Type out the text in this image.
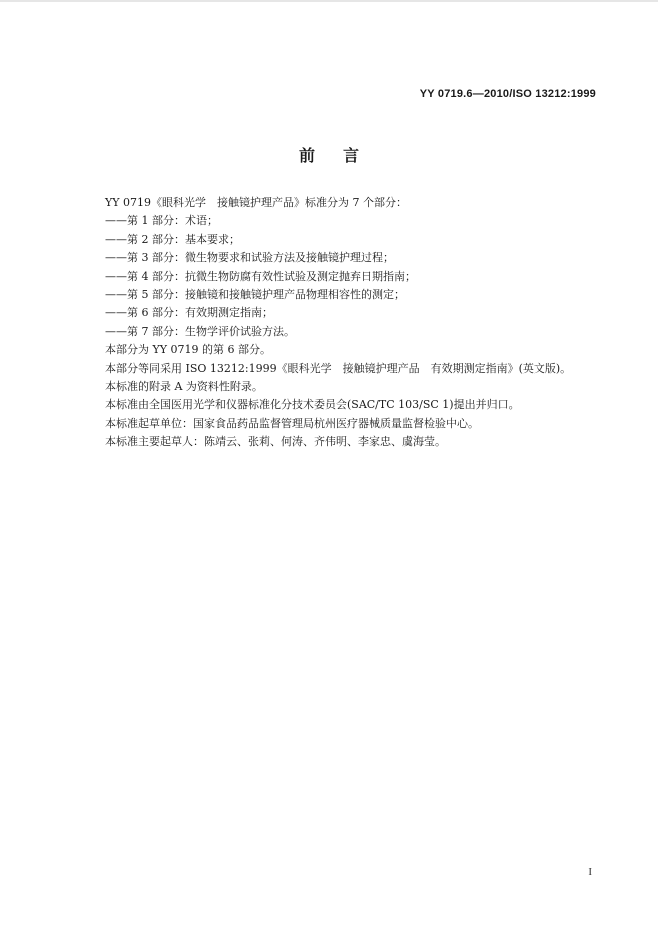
YY 0719.6—2010/ISO 13212:1999
前言
YY 0719《眼科光学　接触镜护理产品》标准分为 7 个部分：
——第 1 部分：术语；
——第 2 部分：基本要求；
——第 3 部分：微生物要求和试验方法及接触镜护理过程；
——第 4 部分：抗微生物防腐有效性试验及测定抛弃日期指南；
——第 5 部分：接触镜和接触镜护理产品物理相容性的测定；
——第 6 部分：有效期测定指南；
——第 7 部分：生物学评价试验方法。
本部分为 YY 0719 的第 6 部分。
本部分等同采用 ISO 13212:1999《眼科光学　接触镜护理产品　有效期测定指南》(英文版)。
本标准的附录 A 为资料性附录。
本标准由全国医用光学和仪器标准化分技术委员会(SAC/TC 103/SC 1)提出并归口。
本标准起草单位：国家食品药品监督管理局杭州医疗器械质量监督检验中心。
本标准主要起草人：陈靖云、张莉、何涛、齐伟明、李家忠、虞海莹。
I
